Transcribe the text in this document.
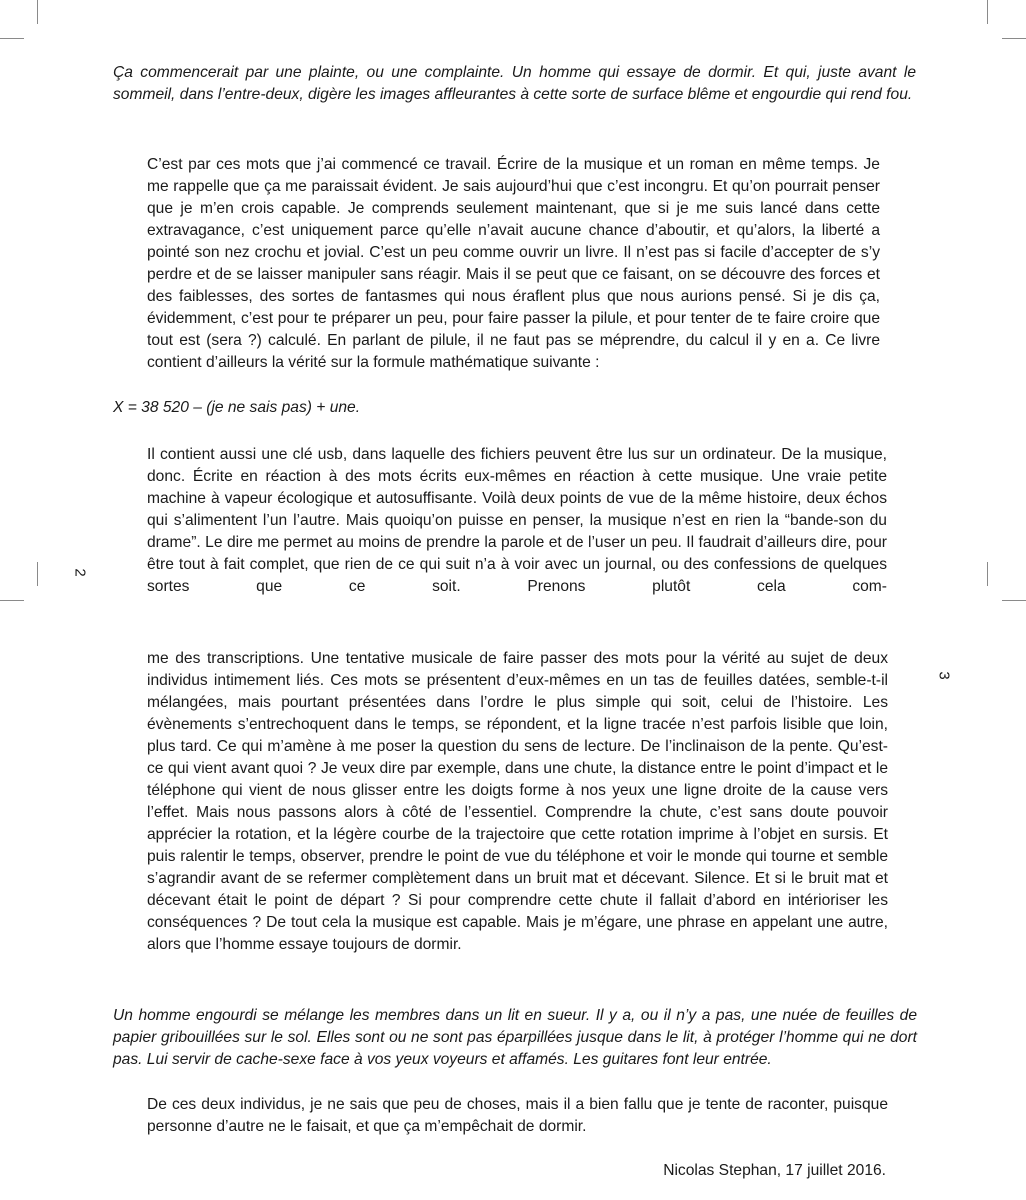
2
3

Ça commencerait par une plainte, ou une complainte. Un homme qui essaye de dormir. Et qui, juste avant le sommeil, dans l’entre-deux, digère les images affleurantes à cette sorte de surface blême et engourdie qui rend fou.

C’est par ces mots que j’ai commencé ce travail. Écrire de la musique et un roman en même temps. Je me rappelle que ça me paraissait évident. Je sais aujourd’hui que c’est incongru. Et qu’on pourrait penser que je m’en crois capable. Je comprends seulement maintenant, que si je me suis lancé dans cette extravagance, c’est uniquement parce qu’elle n’avait aucune chance d’aboutir, et qu’alors, la liberté a pointé son nez crochu et jovial. C’est un peu comme ouvrir un livre. Il n’est pas si facile d’accepter de s’y perdre et de se laisser manipuler sans réagir. Mais il se peut que ce faisant, on se découvre des forces et des faiblesses, des sortes de fantasmes qui nous éraflent plus que nous aurions pensé. Si je dis ça, évidemment, c’est pour te préparer un peu, pour faire passer la pilule, et pour tenter de te faire croire que tout est (sera ?) calculé. En parlant de pilule, il ne faut pas se méprendre, du calcul il y en a. Ce livre contient d’ailleurs la vérité sur la formule mathématique suivante :

X = 38 520 – (je ne sais pas) + une.

Il contient aussi une clé usb, dans laquelle des fichiers peuvent être lus sur un ordinateur. De la musique, donc. Écrite en réaction à des mots écrits eux-mêmes en réaction à cette musique. Une vraie petite machine à vapeur écologique et autosuffisante. Voilà deux points de vue de la même histoire, deux échos qui s’alimentent l’un l’autre. Mais quoiqu’on puisse en penser, la musique n’est en rien la “bande-son du drame”. Le dire me permet au moins de prendre la parole et de l’user un peu. Il faudrait d’ailleurs dire, pour être tout à fait complet, que rien de ce qui suit n’a à voir avec un journal, ou des confessions de quelques sortes que ce soit. Prenons plutôt cela com-

me des transcriptions. Une tentative musicale de faire passer des mots pour la vérité au sujet de deux individus intimement liés. Ces mots se présentent d’eux-mêmes en un tas de feuilles datées, semble-t-il mélangées, mais pourtant présentées dans l’ordre le plus simple qui soit, celui de l’histoire. Les évènements s’entrechoquent dans le temps, se répondent, et la ligne tracée n’est parfois lisible que loin, plus tard. Ce qui m’amène à me poser la question du sens de lecture. De l’inclinaison de la pente. Qu’est-ce qui vient avant quoi ? Je veux dire par exemple, dans une chute, la distance entre le point d’impact et le téléphone qui vient de nous glisser entre les doigts forme à nos yeux une ligne droite de la cause vers l’effet. Mais nous passons alors à côté de l’essentiel. Comprendre la chute, c’est sans doute pouvoir apprécier la rotation, et la légère courbe de la trajectoire que cette rotation imprime à l’objet en sursis. Et puis ralentir le temps, observer, prendre le point de vue du téléphone et voir le monde qui tourne et semble s’agrandir avant de se refermer complètement dans un bruit mat et décevant. Silence. Et si le bruit mat et décevant était le point de départ ? Si pour comprendre cette chute il fallait d’abord en intérioriser les conséquences ? De tout cela la musique est capable. Mais je m’égare, une phrase en appelant une autre, alors que l’homme essaye toujours de dormir.

Un homme engourdi se mélange les membres dans un lit en sueur. Il y a, ou il n’y a pas, une nuée de feuilles de papier gribouillées sur le sol. Elles sont ou ne sont pas éparpillées jusque dans le lit, à protéger l’homme qui ne dort pas. Lui servir de cache-sexe face à vos yeux voyeurs et affamés. Les guitares font leur entrée.

De ces deux individus, je ne sais que peu de choses, mais il a bien fallu que je tente de raconter, puisque personne d’autre ne le faisait, et que ça m’empêchait de dormir.

Nicolas Stephan, 17 juillet 2016.
